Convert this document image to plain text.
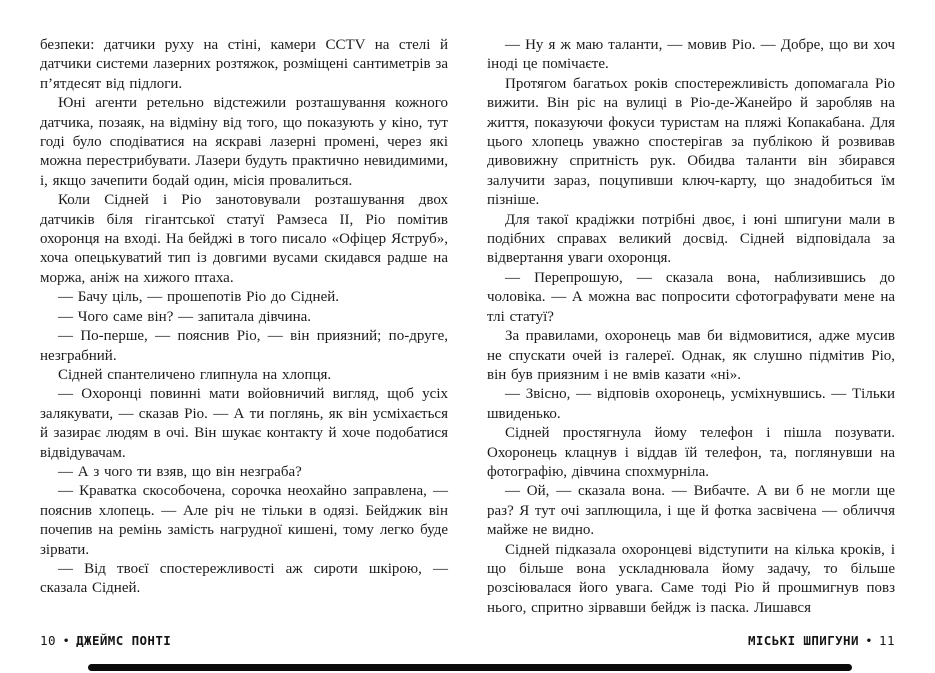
безпеки: датчики руху на стіні, камери CCTV на стелі й датчики системи лазерних розтяжок, розміщені сантиметрів за п’ятдесят від підлоги.

Юні агенти ретельно відстежили розташування кожного датчика, позаяк, на відміну від того, що показують у кіно, тут годі було сподіватися на яскраві лазерні промені, через які можна перестрибувати. Лазери будуть практично невидимими, і, якщо зачепити бодай один, місія провалиться.

Коли Сідней і Ріо занотовували розташування двох датчиків біля гігантської статуї Рамзеса II, Ріо помітив охоронця на вході. На бейджі в того писало «Офіцер Яструб», хоча опецькуватий тип із довгими вусами скидався радше на моржа, аніж на хижого птаха.

— Бачу ціль, — прошепотів Ріо до Сідней.

— Чого саме він? — запитала дівчина.

— По-перше, — пояснив Ріо, — він приязний; по-друге, незграбний.

Сідней спантеличено глипнула на хлопця.

— Охоронці повинні мати войовничий вигляд, щоб усіх залякувати, — сказав Ріо. — А ти поглянь, як він усміхається й зазирає людям в очі. Він шукає контакту й хоче подобатися відвідувачам.

— А з чого ти взяв, що він незграба?

— Краватка скособочена, сорочка неохайно заправлена, — пояснив хлопець. — Але річ не тільки в одязі. Бейджик він почепив на ремінь замість нагрудної кишені, тому легко буде зірвати.

— Від твоєї спостережливості аж сироти шкірою, — сказала Сідней.

— Ну я ж маю таланти, — мовив Ріо. — Добре, що ви хоч іноді це помічаєте.

Протягом багатьох років спостережливість допомагала Ріо вижити. Він ріс на вулиці в Ріо-де-Жанейро й заробляв на життя, показуючи фокуси туристам на пляжі Копакабана. Для цього хлопець уважно спостерігав за публікою й розвивав дивовижну спритність рук. Обидва таланти він збирався залучити зараз, поцупивши ключ-карту, що знадобиться їм пізніше.

Для такої крадіжки потрібні двоє, і юні шпигуни мали в подібних справах великий досвід. Сідней відповідала за відвертання уваги охоронця.

— Перепрошую, — сказала вона, наблизившись до чоловіка. — А можна вас попросити сфотографувати мене на тлі статуї?

За правилами, охоронець мав би відмовитися, адже мусив не спускати очей із галереї. Однак, як слушно підмітив Ріо, він був приязним і не вмів казати «ні».

— Звісно, — відповів охоронець, усміхнувшись. — Тільки швиденько.

Сідней простягнула йому телефон і пішла позувати. Охоронець клацнув і віддав їй телефон, та, поглянувши на фотографію, дівчина спохмурніла.

— Ой, — сказала вона. — Вибачте. А ви б не могли ще раз? Я тут очі заплющила, і ще й фотка засвічена — обличчя майже не видно.

Сідней підказала охоронцеві відступити на кілька кроків, і що більше вона ускладнювала йому задачу, то більше розсіювалася його увага. Саме тоді Ріо й прошмигнув повз нього, спритно зірвавши бейдж із паска. Лишався

10 • ДЖЕЙМС ПОНТІ	МІСЬКІ ШПИГУНИ • 11
